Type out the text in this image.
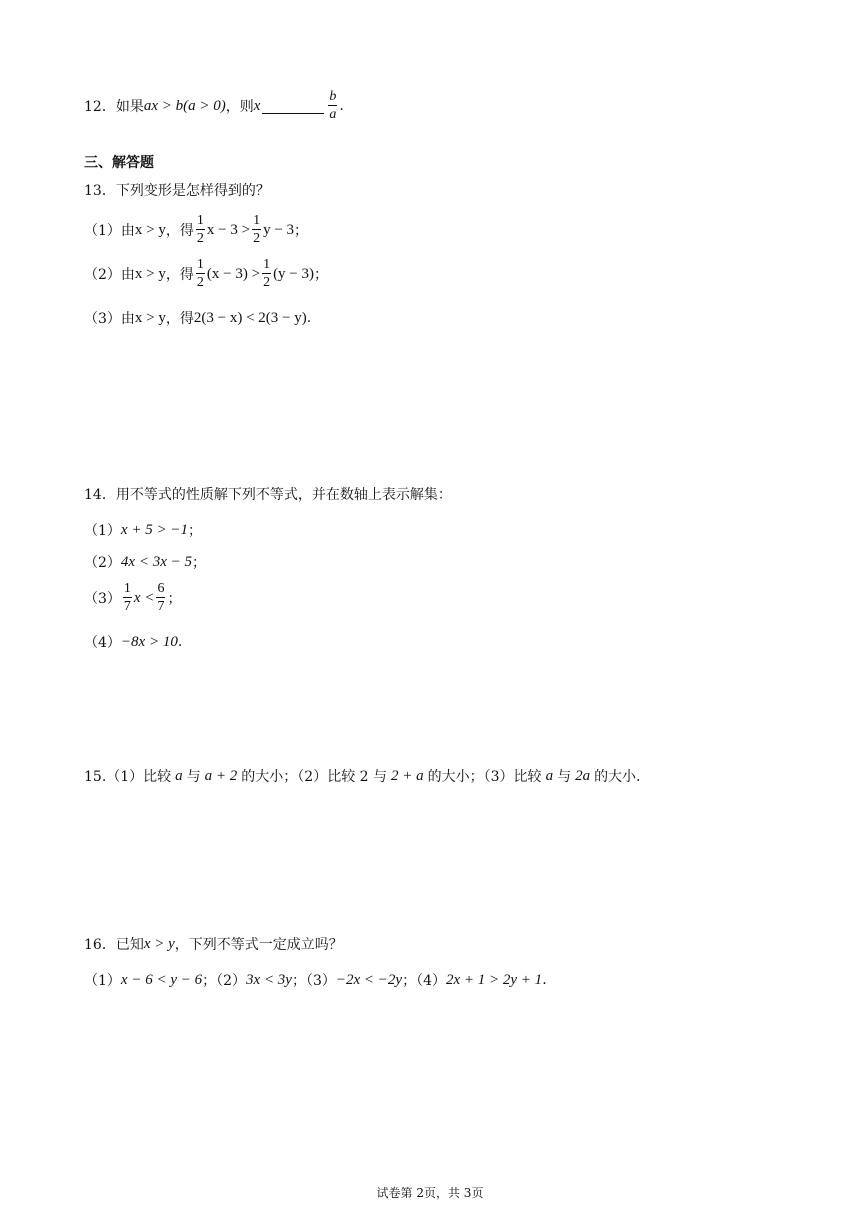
12． 如果 ax > b(a > 0) ，则 x	$\frac{b}{a}$ .
三、解答题
13．下列变形是怎样得到的？
（1）由 x > y ，得 $\frac{1}{2}$ $x - 3 > \frac{1}{2}$ y − 3 ；
（2）由 x > y ，得 $\frac{1}{2} (x - 3) > \frac{1}{2} (y - 3)$ ；
（3）由 x > y ，得 2(3 − x) < 2(3 − y) .
14．用不等式的性质解下列不等式，并在数轴上表示解集：
（1） x + 5 > −1 ；
（2） 4x < 3x − 5 ；
$(3) \frac{1}{7}$ $x < \frac{6}{7}$ ；
（4） −8x > 10 .
15.（1）比较 a 与 a + 2 的大小；（2）比较 2 与 2 + a 的大小；（3）比较 a 与 2a 的大小.
16．已知 x > y ，下列不等式一定成立吗？
（1） x − 6 < y − 6 ；（2） 3x < 3y ；（3） −2x < −2y ；（4） 2x + 1 > 2y + 1 .
试卷第 2页，共 3页
